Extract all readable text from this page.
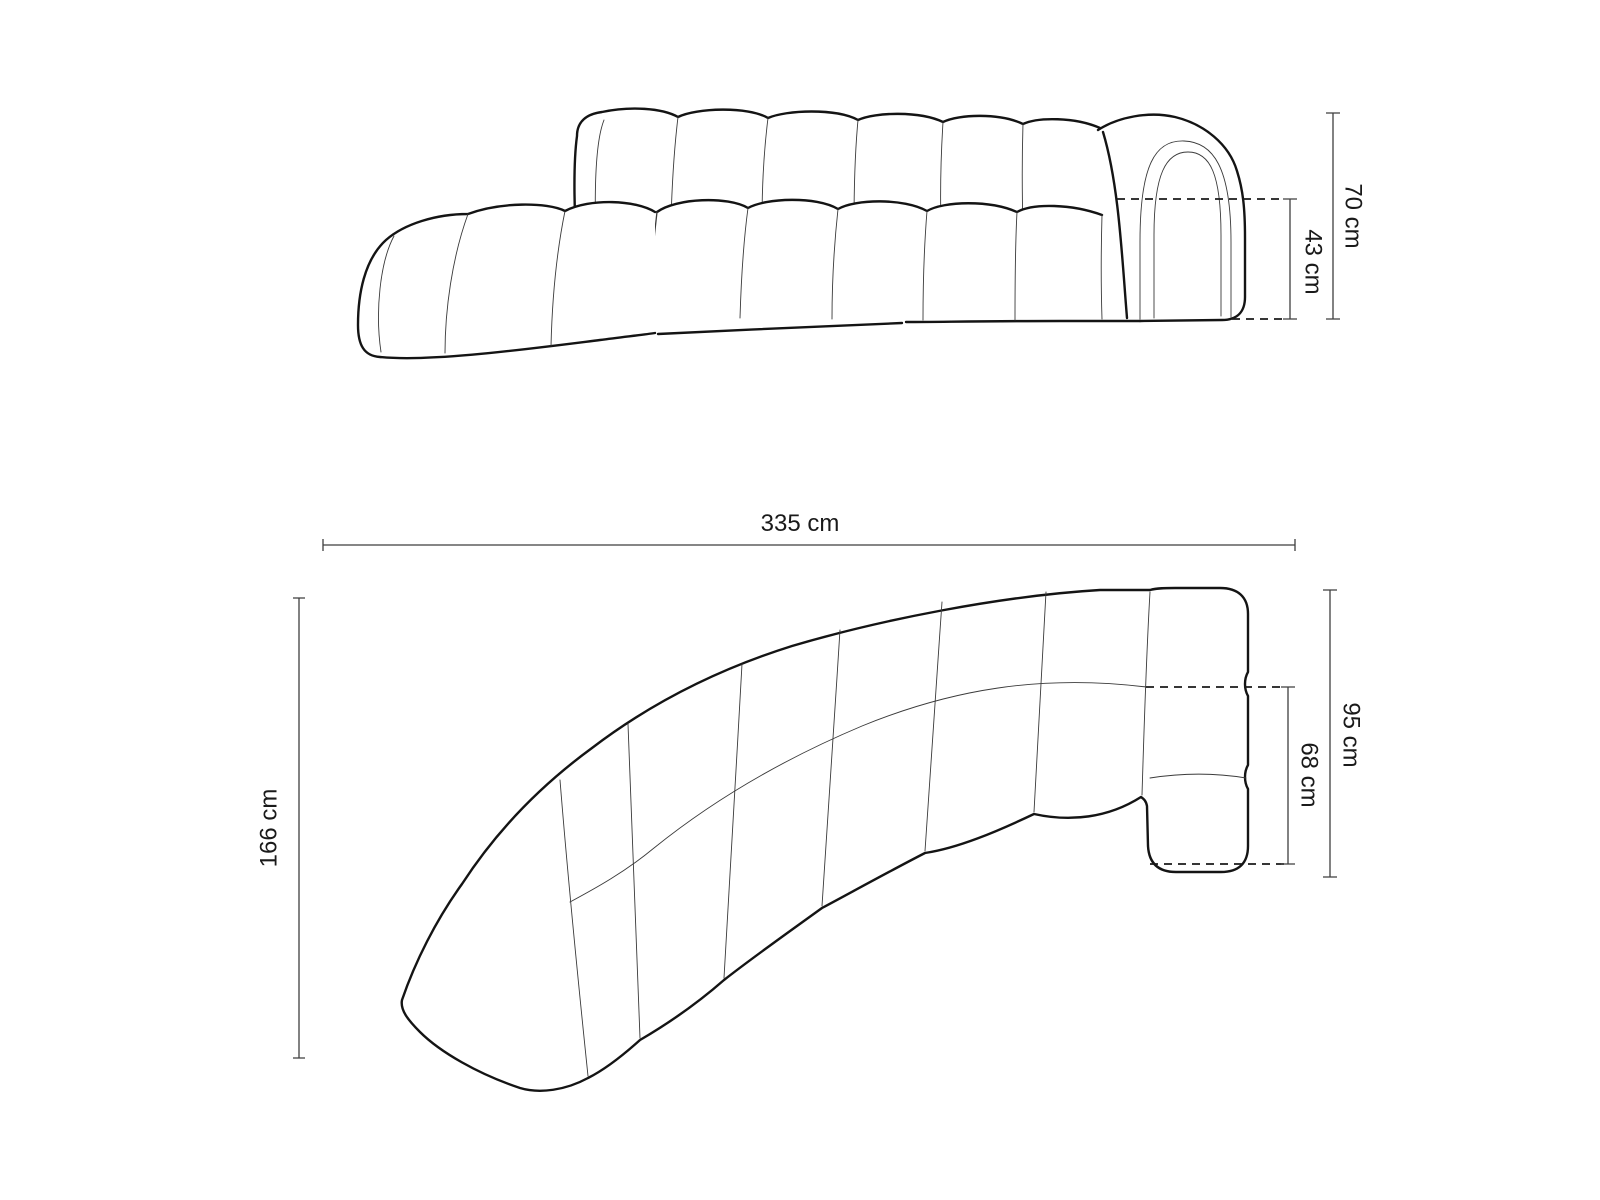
70 cm
43 cm
335 cm
166 cm
95 cm
68 cm
